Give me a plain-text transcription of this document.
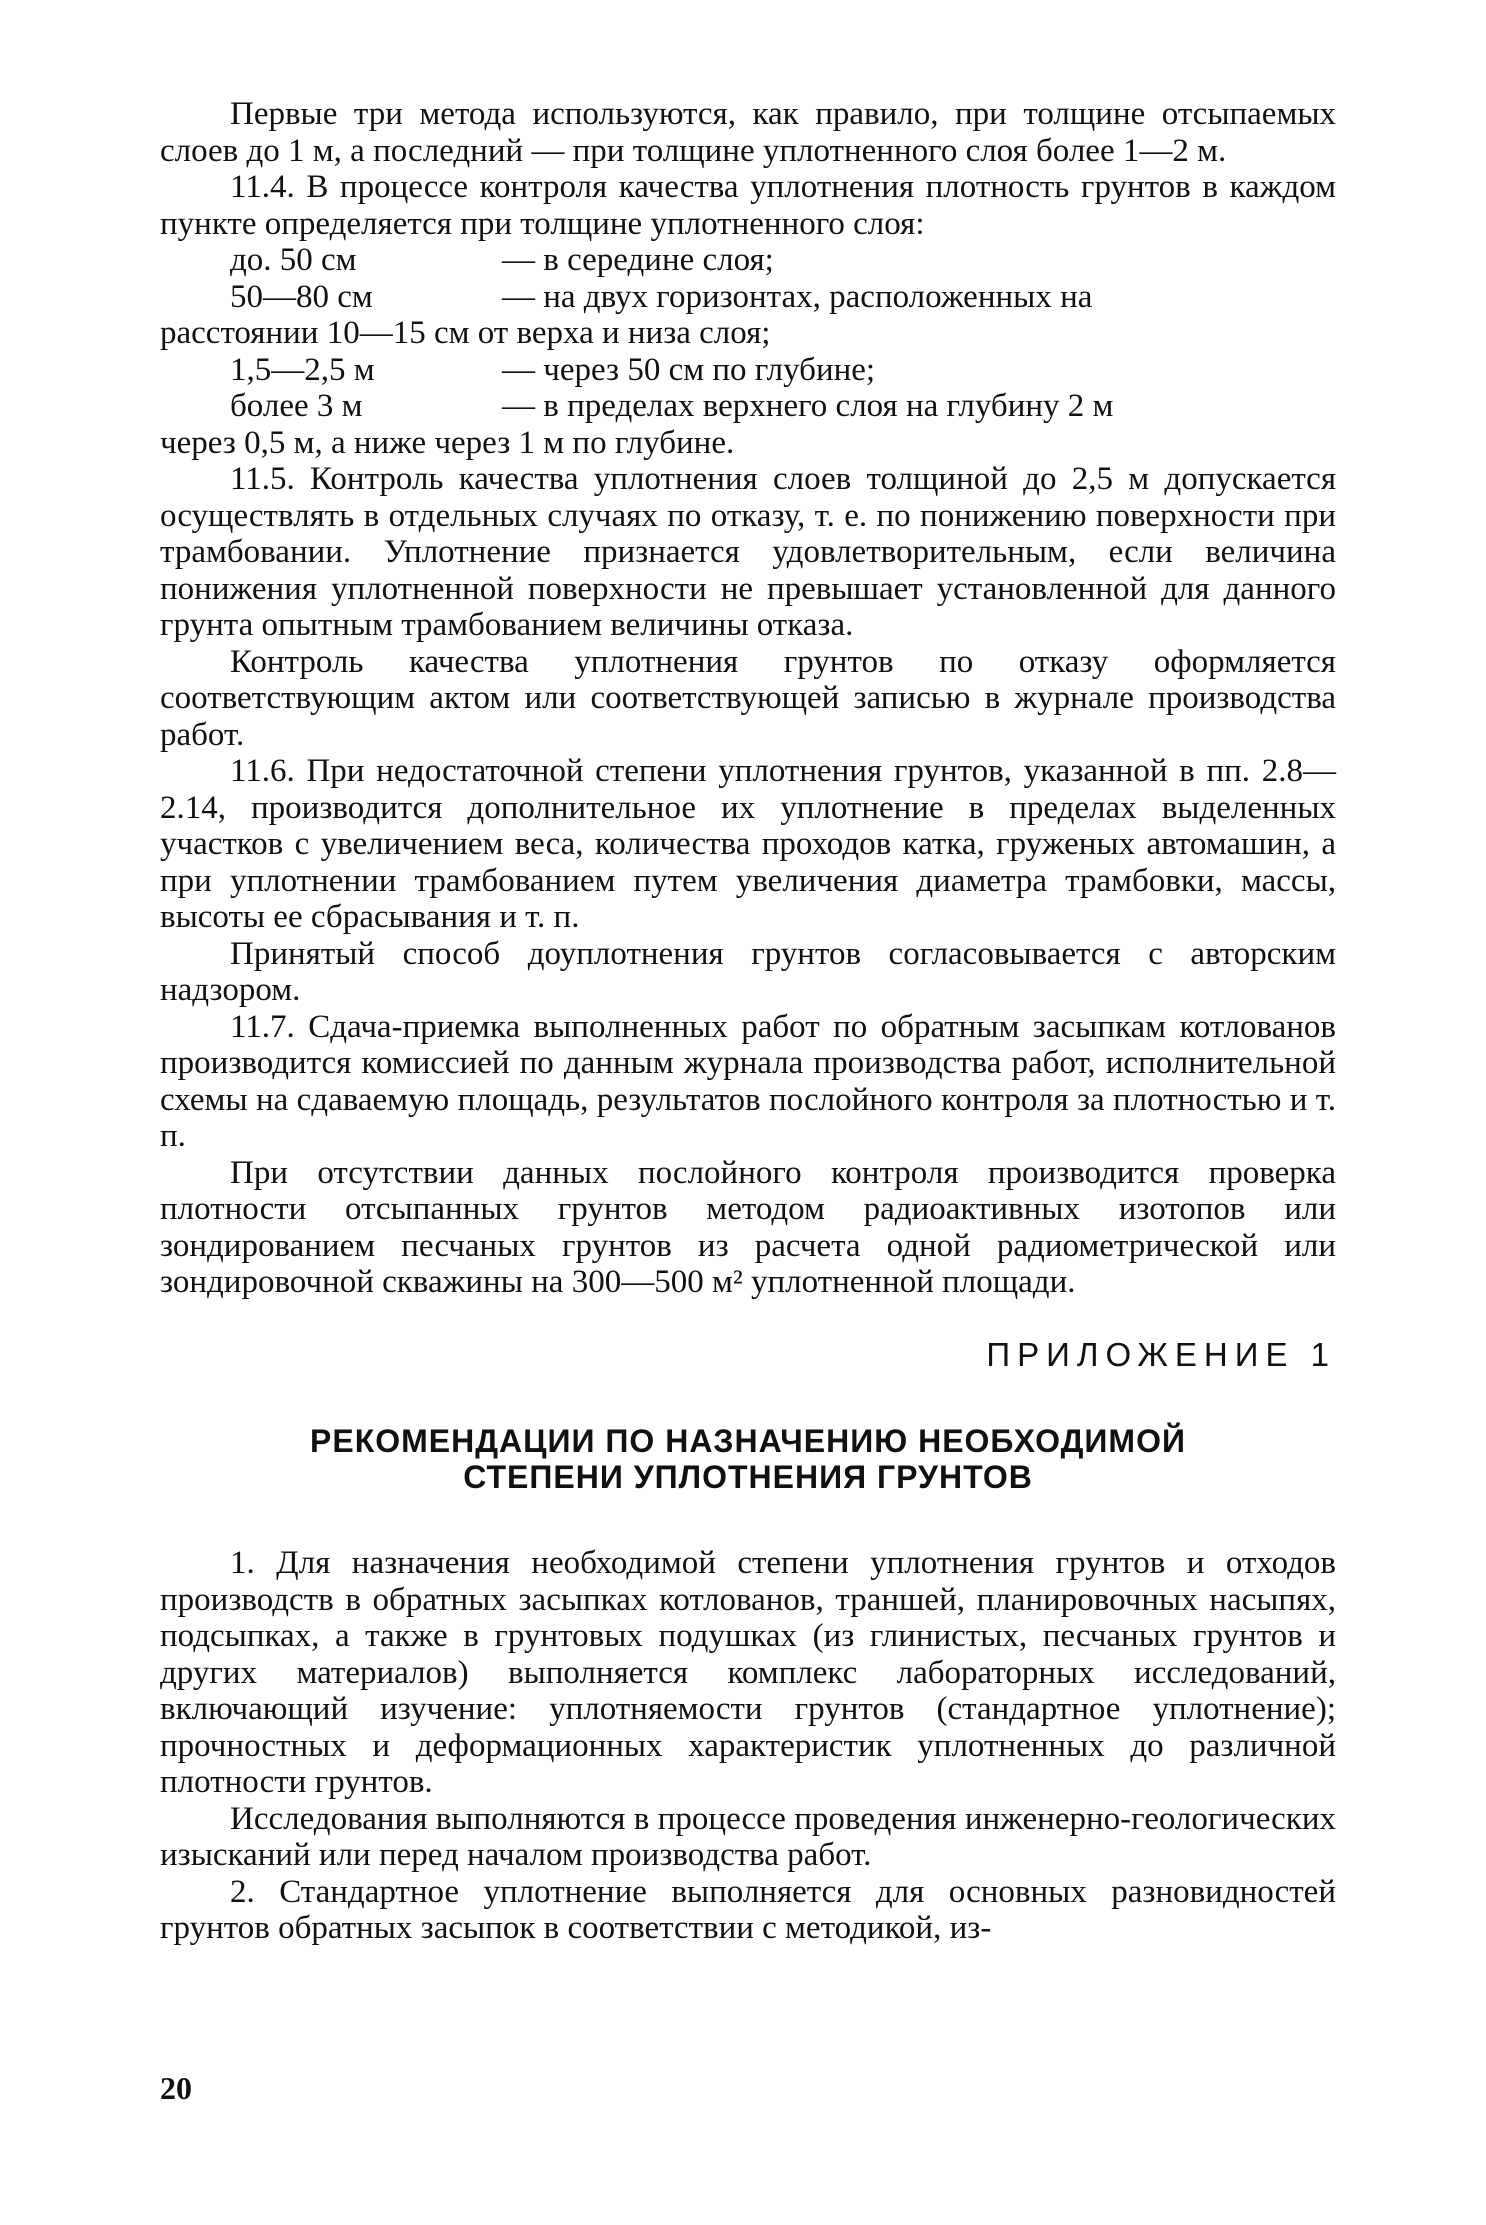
Первые три метода используются, как правило, при толщине отсыпаемых слоев до 1 м, а последний — при толщине уплотненного слоя более 1—2 м.

11.4. В процессе контроля качества уплотнения плотность грунтов в каждом пункте определяется при толщине уплотненного слоя:

до. 50 см	— в середине слоя;
50—80 см	— на двух горизонтах, расположенных на

расстоянии 10—15 см от верха и низа слоя;

1,5—2,5 м	— через 50 см по глубине;
более 3 м	— в пределах верхнего слоя на глубину 2 м

через 0,5 м, а ниже через 1 м по глубине.

11.5. Контроль качества уплотнения слоев толщиной до 2,5 м допускается осуществлять в отдельных случаях по отказу, т. е. по понижению поверхности при трамбовании. Уплотнение признается удовлетворительным, если величина понижения уплотненной поверхности не превышает установленной для данного грунта опытным трамбованием величины отказа.

Контроль качества уплотнения грунтов по отказу оформляется соответствующим актом или соответствующей записью в журнале производства работ.

11.6. При недостаточной степени уплотнения грунтов, указанной в пп. 2.8—2.14, производится дополнительное их уплотнение в пределах выделенных участков с увеличением веса, количества проходов катка, груженых автомашин, а при уплотнении трамбованием путем увеличения диаметра трамбовки, массы, высоты ее сбрасывания и т. п.

Принятый способ доуплотнения грунтов согласовывается с авторским надзором.

11.7. Сдача-приемка выполненных работ по обратным засыпкам котлованов производится комиссией по данным журнала производства работ, исполнительной схемы на сдаваемую площадь, результатов послойного контроля за плотностью и т. п.

При отсутствии данных послойного контроля производится проверка плотности отсыпанных грунтов методом радиоактивных изотопов или зондированием песчаных грунтов из расчета одной радиометрической или зондировочной скважины на 300—500 м² уплотненной площади.

ПРИЛОЖЕНИЕ 1

РЕКОМЕНДАЦИИ ПО НАЗНАЧЕНИЮ НЕОБХОДИМОЙ
СТЕПЕНИ УПЛОТНЕНИЯ ГРУНТОВ

1. Для назначения необходимой степени уплотнения грунтов и отходов производств в обратных засыпках котлованов, траншей, планировочных насыпях, подсыпках, а также в грунтовых подушках (из глинистых, песчаных грунтов и других материалов) выполняется комплекс лабораторных исследований, включающий изучение: уплотняемости грунтов (стандартное уплотнение); прочностных и деформационных характеристик уплотненных до различной плотности грунтов.

Исследования выполняются в процессе проведения инженерно-геологических изысканий или перед началом производства работ.

2. Стандартное уплотнение выполняется для основных разновидностей грунтов обратных засыпок в соответствии с методикой, из-

20
